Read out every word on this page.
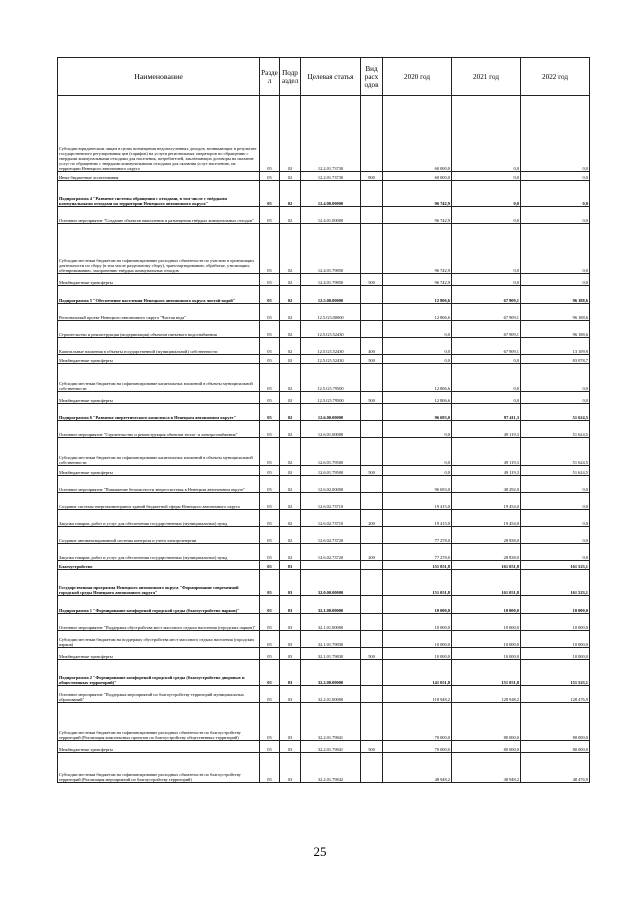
Наименование	Разде л	Подр аздел	Целевая статья	Вид расх одов	2020 год	2021 год	2022 год
Субсидии юридическим лицам в целях возмещения недополученных доходов, возникающих в результате государственного регулирования цен (тарифов) на услуги региональных операторов по обращению с твердыми коммунальными отходами для населения, потребителей, заключающих договоры на оказание услуг по обращению с твердыми коммунальными отходами для оказания услуг населению, на территории Ненецкого автономного округа	05	02	12.2.01.73730		60 000,0	0,0	0,0
Иные бюджетные ассигнования	05	02	12.2.01.73730	800	60 000,0	0,0	0,0
Подпрограмма 4 "Развитие системы обращения с отходами, в том числе с твёрдыми коммунальными отходами на территории Ненецкого автономного округа"	05	02	12.4.00.00000		96 742,9	0,0	0,0
Основное мероприятие "Создание объектов накопления и размещения твёрдых коммунальных отходов"	05	02	12.4.01.00000		96 742,9	0,0	0,0
Субсидии местным бюджетам на софинансирование расходных обязательств по участию в организации деятельности по сбору (в том числе раздельному сбору), транспортированию, обработке, утилизации, обезвреживанию, захоронению твёрдых коммунальных отходов	05	02	12.4.01.79850		96 742,9	0,0	0,0
Межбюджетные трансферты	05	02	12.4.01.79850	500	96 742,9	0,0	0,0
Подпрограмма 5 "Обеспечение населения Ненецкого автономного округа чистой водой"	05	02	12.5.00.00000		12 806,6	67 909,1	96 188,6
Региональный проект Ненецкого автономного округа "Чистая вода"	05	02	12.5.G5.00000		12 806,6	67 909,1	96 188,6
Строительство и реконструкция (модернизация) объектов питьевого водоснабжения	05	02	12.5.G5.52430		0,0	67 909,1	96 188,6
Капитальные вложения в объекты государственной (муниципальной) собственности	05	02	12.5.G5.52430	400	0,0	67 909,1	13 109,9
Межбюджетные трансферты	05	02	12.5.G5.52430	500	0,0	0,0	83 078,7
Субсидии местным бюджетам на софинансирование капитальных вложений в объекты муниципальной собственности	05	02	12.5.G5.79500		12 806,6	0,0	0,0
Межбюджетные трансферты	05	02	12.5.G5.79500	500	12 806,6	0,0	0,0
Подпрограмма 6 "Развитие энергетического комплекса в Ненецком автономном округе"	05	02	12.6.00.00000		96 693,0	97 411,3	51 624,5
Основное мероприятие "Строительство и реконструкция объектов тепло- и электроснабжения"	05	02	12.6.01.00000		0,0	49 119,3	51 624,5
Субсидии местным бюджетам на софинансирование капитальных вложений в объекты муниципальной собственности	05	02	12.6.01.79500		0,0	49 119,3	51 624,5
Межбюджетные трансферты	05	02	12.6.01.79500	500	0,0	49 119,3	51 624,5
Основное мероприятие "Повышение безопасности энергосистемы в Ненецком автономном округе"	05	02	12.6.02.00000		96 693,0	48 292,0	0,0
Создание системы энергомониторинга зданий бюджетной сферы Ненецкого автономного округа	05	02	12.6.02.73710		19 415,0	19 454,0	0,0
Закупка товаров, работ и услуг для обеспечения государственных (муниципальных) нужд	05	02	12.6.02.73710	200	19 415,0	19 454,0	0,0
Создание автоматизированной системы контроля и учета электроэнергии	05	02	12.6.02.73720		77 278,0	28 838,0	0,0
Закупка товаров, работ и услуг для обеспечения государственных (муниципальных) нужд	05	02	12.6.02.73720	200	77 278,0	28 838,0	0,0
Благоустройство	05	03			151 051,8	161 051,8	161 523,1
Государственная программа Ненецкого автономного округа "Формирование современной городской среды Ненецкого автономного округа"	05	03	32.0.00.00000		151 051,8	161 051,8	161 523,1
Подпрограмма 1 "Формирование комфортной городской среды (благоустройство парков)"	05	03	32.1.00.00000		10 000,0	10 000,0	10 000,0
Основное мероприятие "Поддержка обустройства мест массового отдыха населения (городских парков)"	05	03	32.1.01.00000		10 000,0	10 000,0	10 000,0
Субсидии местным бюджетам на поддержку обустройства мест массового отдыха населения (городских парков)	05	03	32.1.01.79830		10 000,0	10 000,0	10 000,0
Межбюджетные трансферты	05	03	32.1.01.79830	500	10 000,0	10 000,0	10 000,0
Подпрограмма 2 "Формирование комфортной городской среды (благоустройство дворовых и общественных территорий)"	05	03	32.2.00.00000		141 051,8	151 051,8	151 523,1
Основное мероприятие "Поддержка мероприятий по благоустройству территорий муниципальных образований"	05	03	32.2.01.00000		118 948,2	128 948,2	128 476,9
Субсидии местным бюджетам на софинансирование расходных обязательств по благоустройству территорий (Реализация комплексных проектов по благоустройству общественных территорий)	05	03	32.2.01.79841		70 000,0	80 000,0	80 000,0
Межбюджетные трансферты	05	03	32.2.01.79841	500	70 000,0	80 000,0	80 000,0
Субсидии местным бюджетам на софинансирование расходных обязательств по благоустройству территорий (Реализация мероприятий по благоустройству территорий)	05	03	32.2.01.79842		48 948,2	48 948,2	48 476,9
25
